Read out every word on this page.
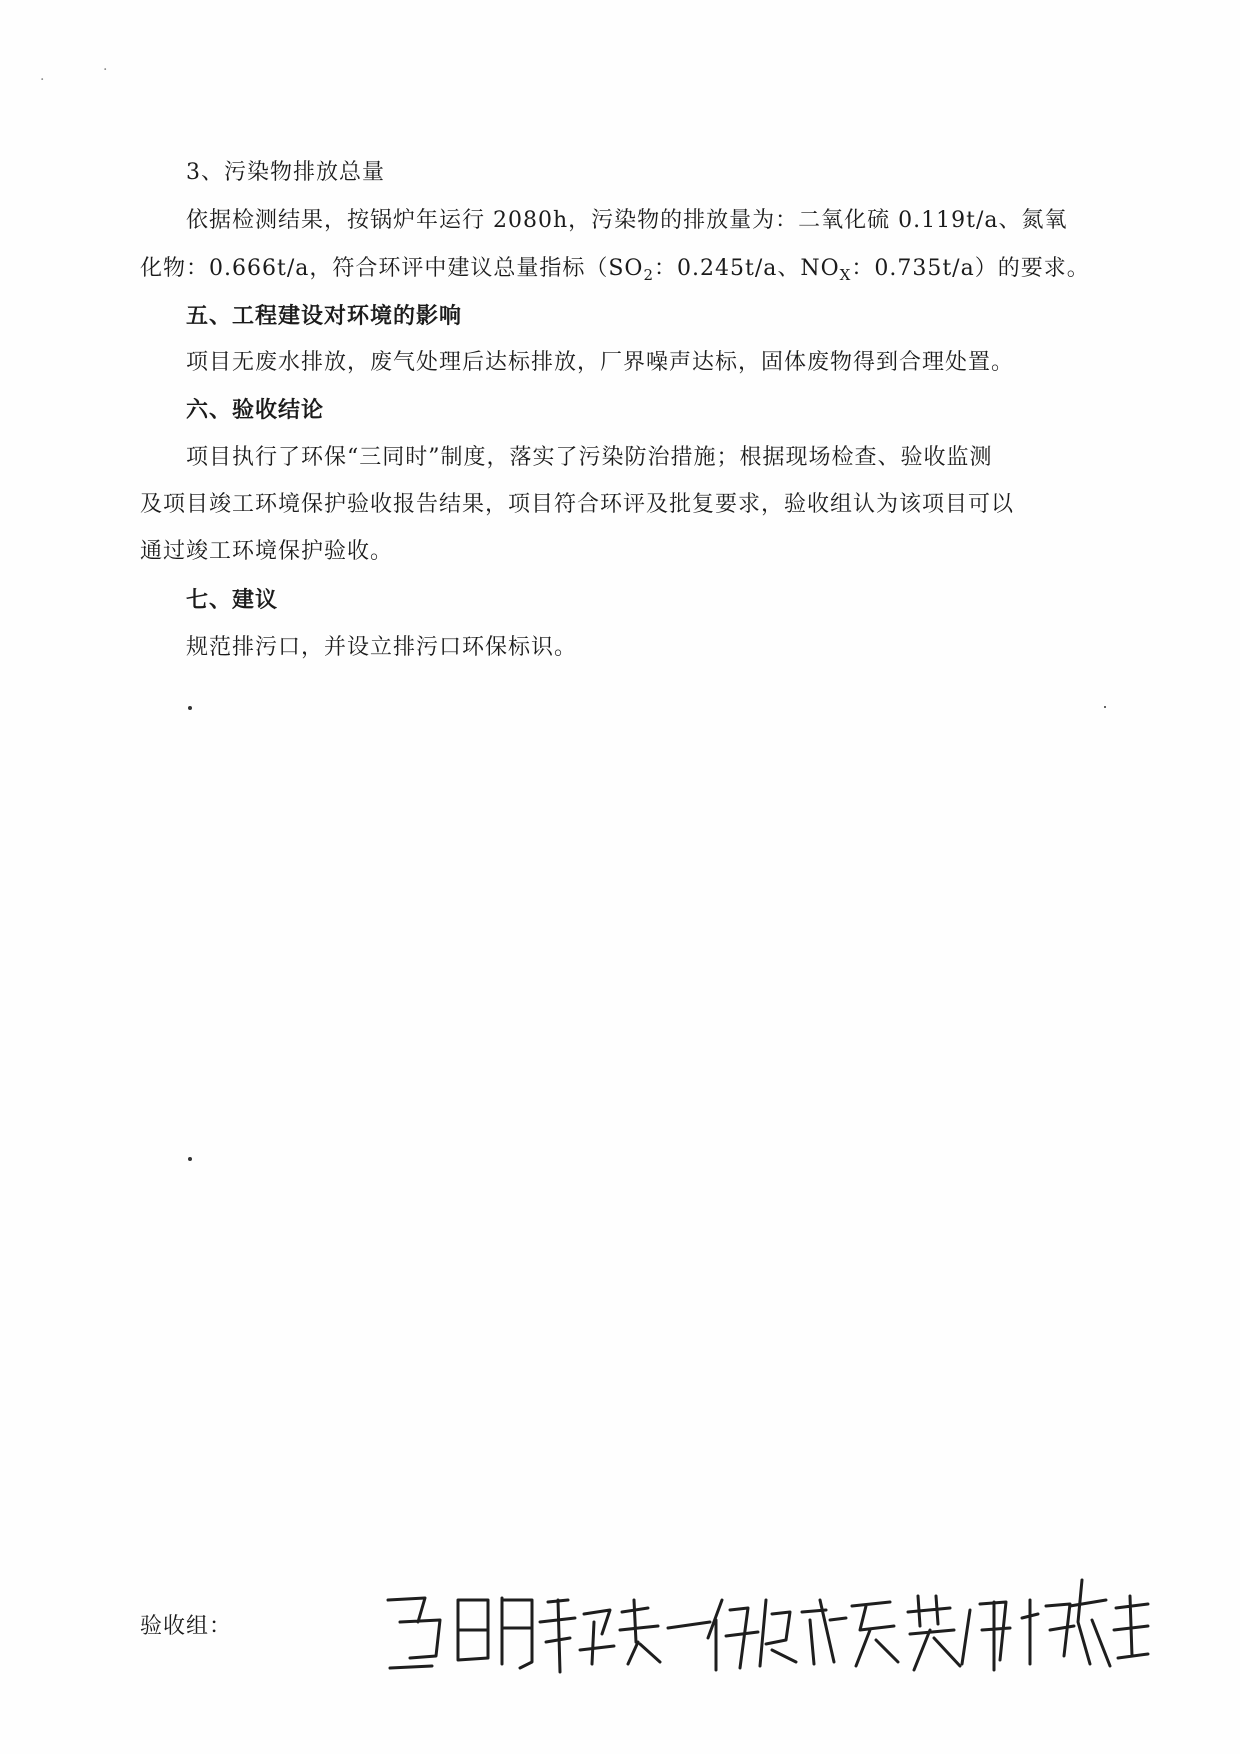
·
·
3、污染物排放总量
依据检测结果，按锅炉年运行 2080h，污染物的排放量为：二氧化硫 0.119t/a、氮氧
化物：0.666t/a，符合环评中建议总量指标（$SO_2$：0.245t/a、$NO_X$：0.735t/a）的要求。
五、工程建设对环境的影响
项目无废水排放，废气处理后达标排放，厂界噪声达标，固体废物得到合理处置。
六、验收结论
项目执行了环保“三同时”制度，落实了污染防治措施；根据现场检查、验收监测
及项目竣工环境保护验收报告结果，项目符合环评及批复要求，验收组认为该项目可以
通过竣工环境保护验收。
七、建议
规范排污口，并设立排污口环保标识。
验收组：
